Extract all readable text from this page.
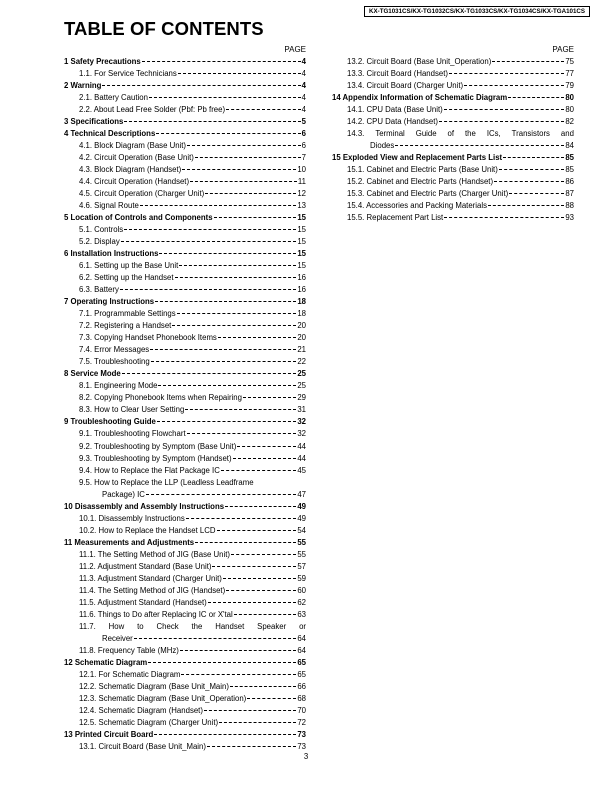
KX-TG1031CS/KX-TG1032CS/KX-TG1033CS/KX-TG1034CS/KX-TGA101CS
TABLE OF CONTENTS
PAGE
1 Safety Precautions	4
1.1. For Service Technicians	4
2 Warning	4
2.1. Battery Caution	4
2.2. About Lead Free Solder (Pbf: Pb free)	4
3 Specifications	5
4 Technical Descriptions	6
4.1. Block Diagram (Base Unit)	6
4.2. Circuit Operation (Base Unit)	7
4.3. Block Diagram (Handset)	10
4.4. Circuit Operation (Handset)	11
4.5. Circuit Operation (Charger Unit)	12
4.6. Signal Route	13
5 Location of Controls and Components	15
5.1. Controls	15
5.2. Display	15
6 Installation Instructions	15
6.1. Setting up the Base Unit	15
6.2. Setting up the Handset	16
6.3. Battery	16
7 Operating Instructions	18
7.1. Programmable Settings	18
7.2. Registering a Handset	20
7.3. Copying Handset Phonebook Items	20
7.4. Error Messages	21
7.5. Troubleshooting	22
8 Service Mode	25
8.1. Engineering Mode	25
8.2. Copying Phonebook Items when Repairing	29
8.3. How to Clear User Setting	31
9 Troubleshooting Guide	32
9.1. Troubleshooting Flowchart	32
9.2. Troubleshooting by Symptom (Base Unit)	44
9.3. Troubleshooting by Symptom (Handset)	44
9.4. How to Replace the Flat Package IC	45
9.5. How to Replace the LLP (Leadless Leadframe
Package) IC	47
10 Disassembly and Assembly Instructions	49
10.1. Disassembly Instructions	49
10.2. How to Replace the Handset LCD	54
11 Measurements and Adjustments	55
11.1. The Setting Method of JIG (Base Unit)	55
11.2. Adjustment Standard (Base Unit)	57
11.3. Adjustment Standard (Charger Unit)	59
11.4. The Setting Method of JIG (Handset)	60
11.5. Adjustment Standard (Handset)	62
11.6. Things to Do after Replacing IC or X'tal	63
11.7. How to Check the Handset Speaker or
Receiver	64
11.8. Frequency Table (MHz)	64
12 Schematic Diagram	65
12.1. For Schematic Diagram	65
12.2. Schematic Diagram (Base Unit_Main)	66
12.3. Schematic Diagram (Base Unit_Operation)	68
12.4. Schematic Diagram (Handset)	70
12.5. Schematic Diagram (Charger Unit)	72
13 Printed Circuit Board	73
13.1. Circuit Board (Base Unit_Main)	73
PAGE
13.2. Circuit Board (Base Unit_Operation)	75
13.3. Circuit Board (Handset)	77
13.4. Circuit Board (Charger Unit)	79
14 Appendix Information of Schematic Diagram	80
14.1. CPU Data (Base Unit)	80
14.2. CPU Data (Handset)	82
14.3. Terminal Guide of the ICs, Transistors and
Diodes	84
15 Exploded View and Replacement Parts List	85
15.1. Cabinet and Electric Parts (Base Unit)	85
15.2. Cabinet and Electric Parts (Handset)	86
15.3. Cabinet and Electric Parts (Charger Unit)	87
15.4. Accessories and Packing Materials	88
15.5. Replacement Part List	93
3
